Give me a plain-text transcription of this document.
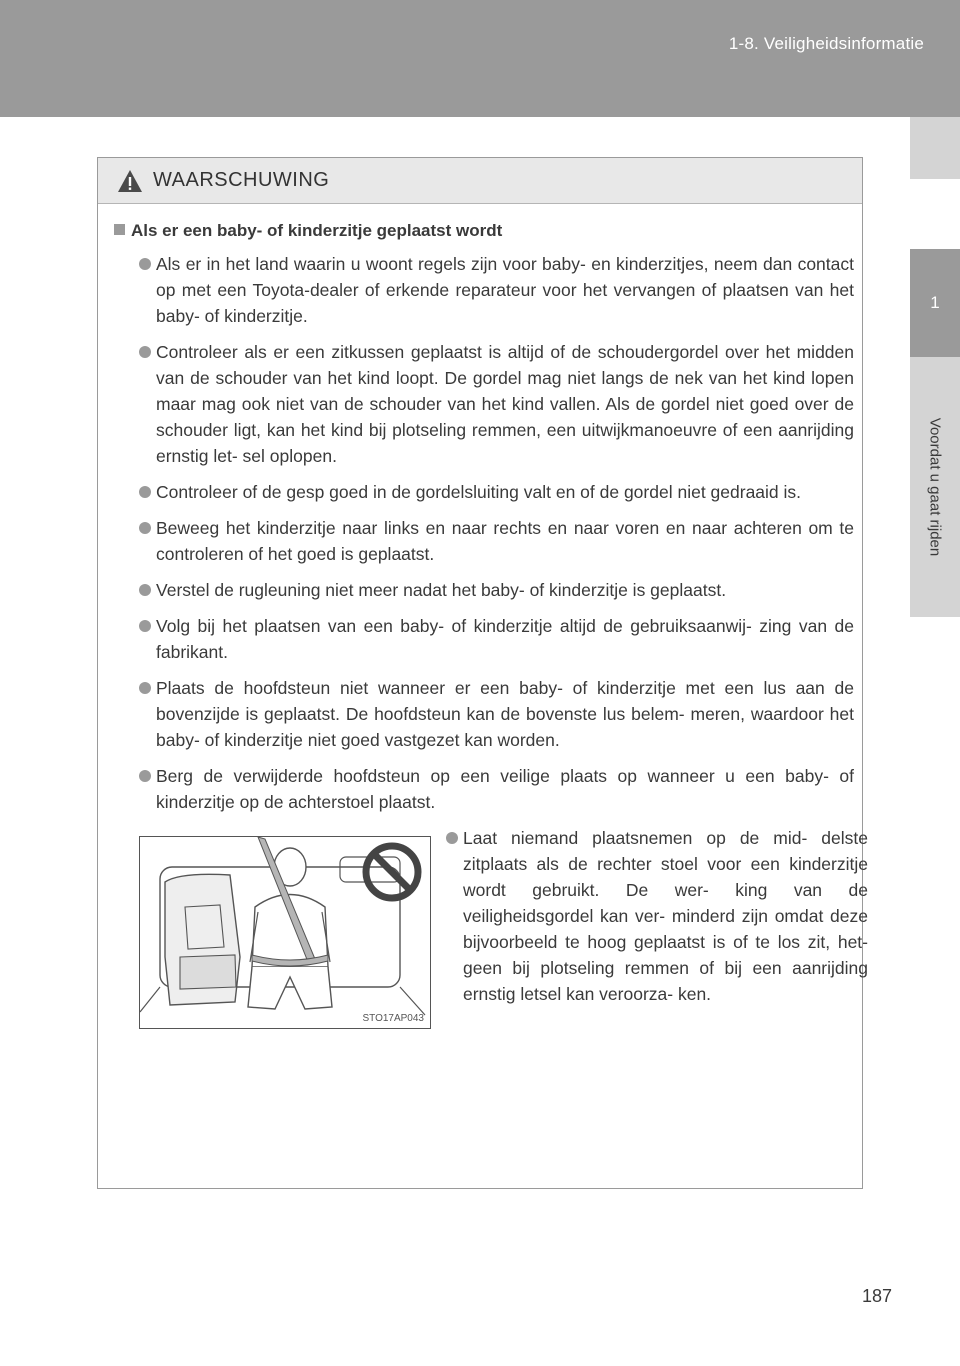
1-8. Veiligheidsinformatie
1
Voordat u gaat rijden
WAARSCHUWING
Als er een baby- of kinderzitje geplaatst wordt
Als er in het land waarin u woont regels zijn voor baby- en kinderzitjes, neem dan contact op met een Toyota-dealer of erkende reparateur voor het vervangen of plaatsen van het baby- of kinderzitje.
Controleer als er een zitkussen geplaatst is altijd of de schoudergordel over het midden van de schouder van het kind loopt. De gordel mag niet langs de nek van het kind lopen maar mag ook niet van de schouder van het kind vallen. Als de gordel niet goed over de schouder ligt, kan het kind bij plotseling remmen, een uitwijkmanoeuvre of een aanrijding ernstig let- sel oplopen.
Controleer of de gesp goed in de gordelsluiting valt en of de gordel niet gedraaid is.
Beweeg het kinderzitje naar links en naar rechts en naar voren en naar achteren om te controleren of het goed is geplaatst.
Verstel de rugleuning niet meer nadat het baby- of kinderzitje is geplaatst.
Volg bij het plaatsen van een baby- of kinderzitje altijd de gebruiksaanwij- zing van de fabrikant.
Plaats de hoofdsteun niet wanneer er een baby- of kinderzitje met een lus aan de bovenzijde is geplaatst. De hoofdsteun kan de bovenste lus belem- meren, waardoor het baby- of kinderzitje niet goed vastgezet kan worden.
Berg de verwijderde hoofdsteun op een veilige plaats op wanneer u een baby- of kinderzitje op de achterstoel plaatst.
STO17AP043
Laat niemand plaatsnemen op de mid- delste zitplaats als de rechter stoel voor een kinderzitje wordt gebruikt. De wer- king van de veiligheidsgordel kan ver- minderd zijn omdat deze bijvoorbeeld te hoog geplaatst is of te los zit, het- geen bij plotseling remmen of bij een aanrijding ernstig letsel kan veroorza- ken.
187
